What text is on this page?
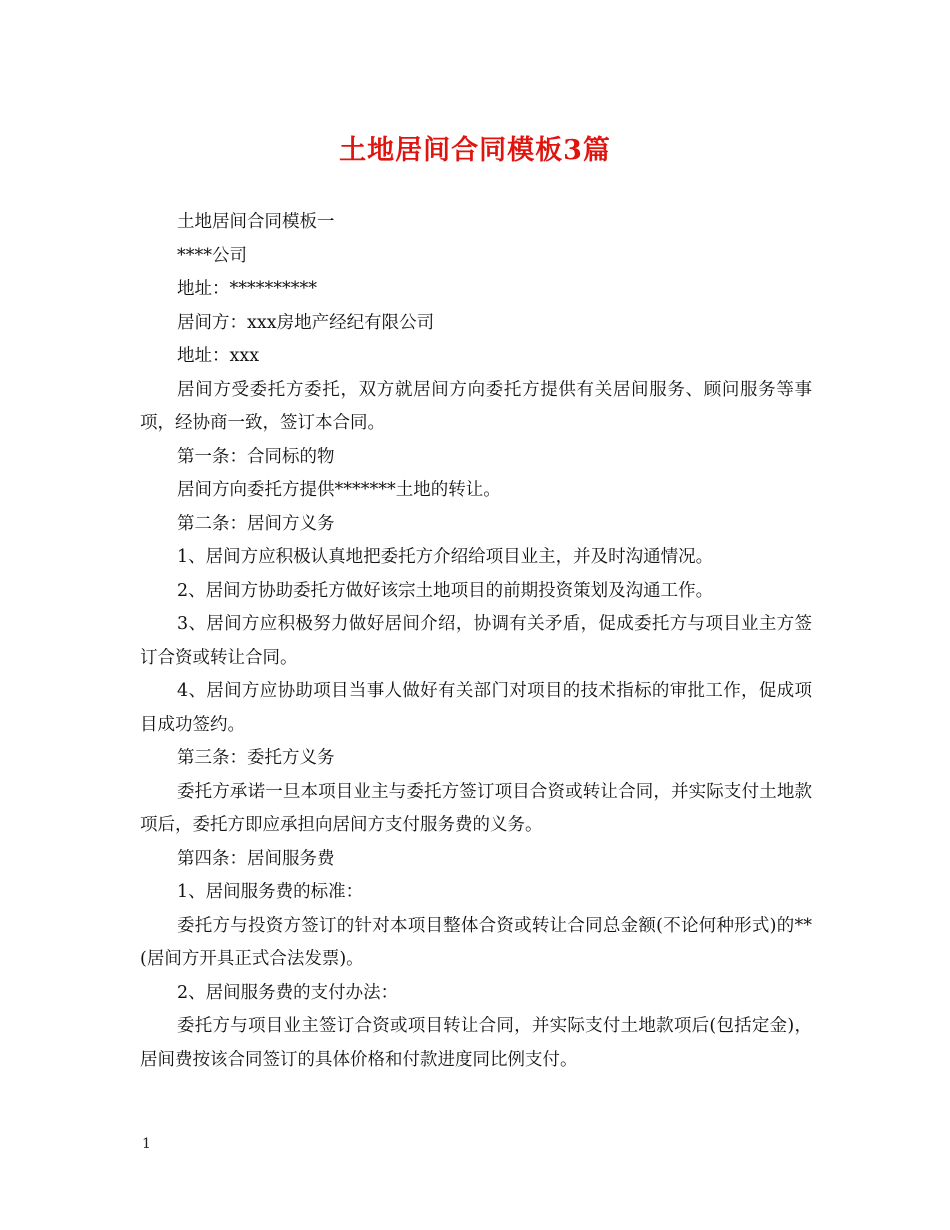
土地居间合同模板3篇

土地居间合同模板一

****公司

地址：**********

居间方：xxx房地产经纪有限公司

地址：xxx

居间方受委托方委托，双方就居间方向委托方提供有关居间服务、顾问服务等事项，经协商一致，签订本合同。

第一条：合同标的物

居间方向委托方提供*******土地的转让。

第二条：居间方义务

1、居间方应积极认真地把委托方介绍给项目业主，并及时沟通情况。

2、居间方协助委托方做好该宗土地项目的前期投资策划及沟通工作。

3、居间方应积极努力做好居间介绍，协调有关矛盾，促成委托方与项目业主方签订合资或转让合同。

4、居间方应协助项目当事人做好有关部门对项目的技术指标的审批工作，促成项目成功签约。

第三条：委托方义务

委托方承诺一旦本项目业主与委托方签订项目合资或转让合同，并实际支付土地款项后，委托方即应承担向居间方支付服务费的义务。

第四条：居间服务费

1、居间服务费的标准：

委托方与投资方签订的针对本项目整体合资或转让合同总金额(不论何种形式)的**(居间方开具正式合法发票)。

2、居间服务费的支付办法：

委托方与项目业主签订合资或项目转让合同，并实际支付土地款项后(包括定金)，居间费按该合同签订的具体价格和付款进度同比例支付。

1
